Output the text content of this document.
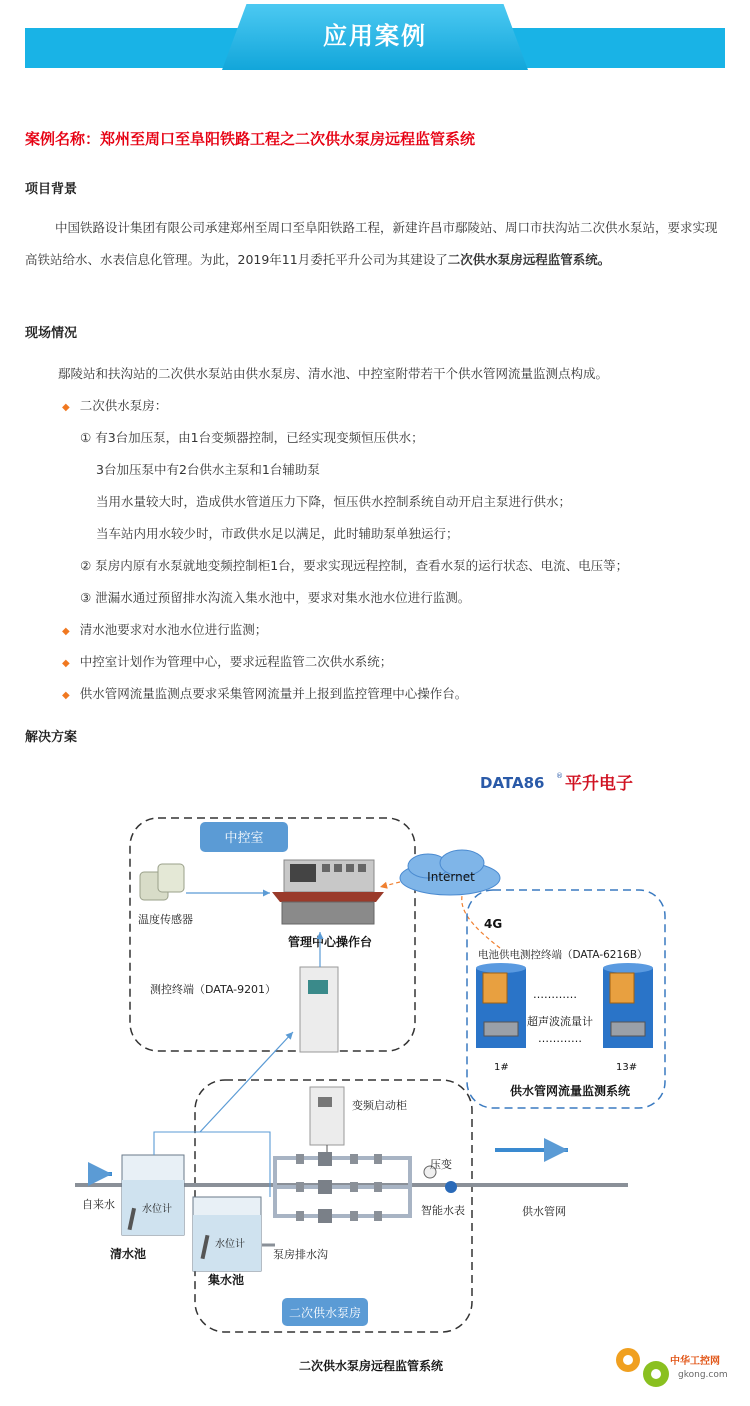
应用案例
案例名称：郑州至周口至阜阳铁路工程之二次供水泵房远程监管系统
项目背景
中国铁路设计集团有限公司承建郑州至周口至阜阳铁路工程，新建许昌市鄢陵站、周口市扶沟站二次供水泵站，要求实现高铁站给水、水表信息化管理。为此，2019年11月委托平升公司为其建设了二次供水泵房远程监管系统。
现场情况
鄢陵站和扶沟站的二次供水泵站由供水泵房、清水池、中控室附带若干个供水管网流量监测点构成。
◆ 二次供水泵房：
① 有3台加压泵，由1台变频器控制，已经实现变频恒压供水；
3台加压泵中有2台供水主泵和1台辅助泵
当用水量较大时，造成供水管道压力下降，恒压供水控制系统自动开启主泵进行供水；
当车站内用水较少时，市政供水足以满足，此时辅助泵单独运行；
② 泵房内原有水泵就地变频控制柜1台，要求实现远程控制，查看水泵的运行状态、电流、电压等；
③ 泄漏水通过预留排水沟流入集水池中，要求对集水池水位进行监测。
◆ 清水池要求对水池水位进行监测；
◆ 中控室计划作为管理中心，要求远程监管二次供水系统；
◆ 供水管网流量监测点要求采集管网流量并上报到监控管理中心操作台。
解决方案
DATA86 ® 平升电子
中控室
温度传感器
管理中心操作台
Internet
测控终端（DATA-9201）
4G
电池供电测控终端（DATA-6216B）
…………
…………
超声波流量计
1#	13#
供水管网流量监测系统
变频启动柜
压变
智能水表	供水管网
自来水	水位计
清水池
水位计
集水池
泵房排水沟
二次供水泵房
二次供水泵房远程监管系统	中华工控网
gkong.com
